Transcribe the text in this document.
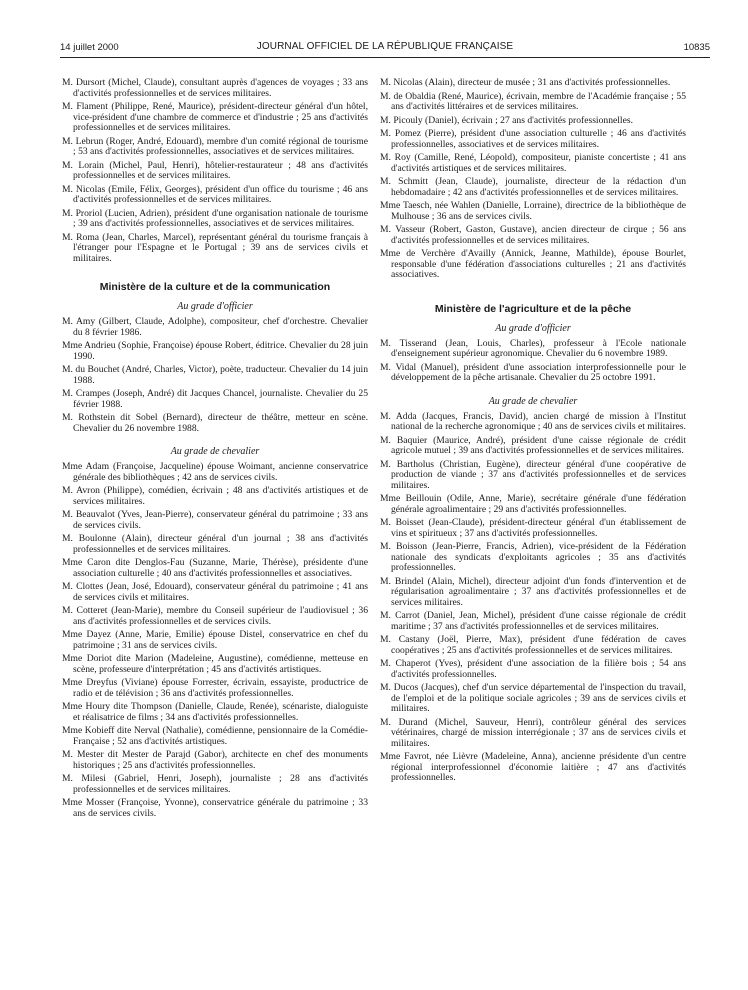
14 juillet 2000	JOURNAL OFFICIEL DE LA RÉPUBLIQUE FRANÇAISE	10835

M. Dursort (Michel, Claude), consultant auprès d'agences de voyages ; 33 ans d'activités professionnelles et de services militaires.

M. Flament (Philippe, René, Maurice), président-directeur général d'un hôtel, vice-président d'une chambre de commerce et d'industrie ; 25 ans d'activités professionnelles et de services militaires.

M. Lebrun (Roger, André, Edouard), membre d'un comité régional de tourisme ; 53 ans d'activités professionnelles, associatives et de services militaires.

M. Lorain (Michel, Paul, Henri), hôtelier-restaurateur ; 48 ans d'activités professionnelles et de services militaires.

M. Nicolas (Emile, Félix, Georges), président d'un office du tourisme ; 46 ans d'activités professionnelles et de services militaires.

M. Proriol (Lucien, Adrien), président d'une organisation nationale de tourisme ; 39 ans d'activités professionnelles, associatives et de services militaires.

M. Roma (Jean, Charles, Marcel), représentant général du tourisme français à l'étranger pour l'Espagne et le Portugal ; 39 ans de services civils et militaires.

Ministère de la culture et de la communication

Au grade d'officier

M. Amy (Gilbert, Claude, Adolphe), compositeur, chef d'orchestre. Chevalier du 8 février 1986.

Mme Andrieu (Sophie, Françoise) épouse Robert, éditrice. Chevalier du 28 juin 1990.

M. du Bouchet (André, Charles, Victor), poète, traducteur. Chevalier du 14 juin 1988.

M. Crampes (Joseph, André) dit Jacques Chancel, journaliste. Chevalier du 25 février 1988.

M. Rothstein dit Sobel (Bernard), directeur de théâtre, metteur en scène. Chevalier du 26 novembre 1988.

Au grade de chevalier

Mme Adam (Françoise, Jacqueline) épouse Woimant, ancienne conservatrice générale des bibliothèques ; 42 ans de services civils.

M. Avron (Philippe), comédien, écrivain ; 48 ans d'activités artistiques et de services militaires.

M. Beauvalot (Yves, Jean-Pierre), conservateur général du patrimoine ; 33 ans de services civils.

M. Boulonne (Alain), directeur général d'un journal ; 38 ans d'activités professionnelles et de services militaires.

Mme Caron dite Denglos-Fau (Suzanne, Marie, Thérèse), présidente d'une association culturelle ; 40 ans d'activités professionnelles et associatives.

M. Clottes (Jean, José, Edouard), conservateur général du patrimoine ; 41 ans de services civils et militaires.

M. Cotteret (Jean-Marie), membre du Conseil supérieur de l'audiovisuel ; 36 ans d'activités professionnelles et de services civils.

Mme Dayez (Anne, Marie, Emilie) épouse Distel, conservatrice en chef du patrimoine ; 31 ans de services civils.

Mme Doriot dite Marion (Madeleine, Augustine), comédienne, metteuse en scène, professeure d'interprétation ; 45 ans d'activités artistiques.

Mme Dreyfus (Viviane) épouse Forrester, écrivain, essayiste, productrice de radio et de télévision ; 36 ans d'activités professionnelles.

Mme Houry dite Thompson (Danielle, Claude, Renée), scénariste, dialoguiste et réalisatrice de films ; 34 ans d'activités professionnelles.

Mme Kobieff dite Nerval (Nathalie), comédienne, pensionnaire de la Comédie-Française ; 52 ans d'activités artistiques.

M. Mester dit Mester de Parajd (Gabor), architecte en chef des monuments historiques ; 25 ans d'activités professionnelles.

M. Milesi (Gabriel, Henri, Joseph), journaliste ; 28 ans d'activités professionnelles et de services militaires.

Mme Mosser (Françoise, Yvonne), conservatrice générale du patrimoine ; 33 ans de services civils.

M. Nicolas (Alain), directeur de musée ; 31 ans d'activités professionnelles.

M. de Obaldia (René, Maurice), écrivain, membre de l'Académie française ; 55 ans d'activités littéraires et de services militaires.

M. Picouly (Daniel), écrivain ; 27 ans d'activités professionnelles.

M. Pomez (Pierre), président d'une association culturelle ; 46 ans d'activités professionnelles, associatives et de services militaires.

M. Roy (Camille, René, Léopold), compositeur, pianiste concertiste ; 41 ans d'activités artistiques et de services militaires.

M. Schmitt (Jean, Claude), journaliste, directeur de la rédaction d'un hebdomadaire ; 42 ans d'activités professionnelles et de services militaires.

Mme Taesch, née Wahlen (Danielle, Lorraine), directrice de la bibliothèque de Mulhouse ; 36 ans de services civils.

M. Vasseur (Robert, Gaston, Gustave), ancien directeur de cirque ; 56 ans d'activités professionnelles et de services militaires.

Mme de Verchère d'Availly (Annick, Jeanne, Mathilde), épouse Bourlet, responsable d'une fédération d'associations culturelles ; 21 ans d'activités associatives.

Ministère de l'agriculture et de la pêche

Au grade d'officier

M. Tisserand (Jean, Louis, Charles), professeur à l'Ecole nationale d'enseignement supérieur agronomique. Chevalier du 6 novembre 1989.

M. Vidal (Manuel), président d'une association interprofessionnelle pour le développement de la pêche artisanale. Chevalier du 25 octobre 1991.

Au grade de chevalier

M. Adda (Jacques, Francis, David), ancien chargé de mission à l'Institut national de la recherche agronomique ; 40 ans de services civils et militaires.

M. Baquier (Maurice, André), président d'une caisse régionale de crédit agricole mutuel ; 39 ans d'activités professionnelles et de services militaires.

M. Bartholus (Christian, Eugène), directeur général d'une coopérative de production de viande ; 37 ans d'activités professionnelles et de services militaires.

Mme Beillouin (Odile, Anne, Marie), secrétaire générale d'une fédération générale agroalimentaire ; 29 ans d'activités professionnelles.

M. Boisset (Jean-Claude), président-directeur général d'un établissement de vins et spiritueux ; 37 ans d'activités professionnelles.

M. Boisson (Jean-Pierre, Francis, Adrien), vice-président de la Fédération nationale des syndicats d'exploitants agricoles ; 35 ans d'activités professionnelles.

M. Brindel (Alain, Michel), directeur adjoint d'un fonds d'intervention et de régularisation agroalimentaire ; 37 ans d'activités professionnelles et de services militaires.

M. Carrot (Daniel, Jean, Michel), président d'une caisse régionale de crédit maritime ; 37 ans d'activités professionnelles et de services militaires.

M. Castany (Joël, Pierre, Max), président d'une fédération de caves coopératives ; 25 ans d'activités professionnelles et de services militaires.

M. Chaperot (Yves), président d'une association de la filière bois ; 54 ans d'activités professionnelles.

M. Ducos (Jacques), chef d'un service départemental de l'inspection du travail, de l'emploi et de la politique sociale agricoles ; 39 ans de services civils et militaires.

M. Durand (Michel, Sauveur, Henri), contrôleur général des services vétérinaires, chargé de mission interrégionale ; 37 ans de services civils et militaires.

Mme Favrot, née Lièvre (Madeleine, Anna), ancienne présidente d'un centre régional interprofessionnel d'économie laitière ; 47 ans d'activités professionnelles.
